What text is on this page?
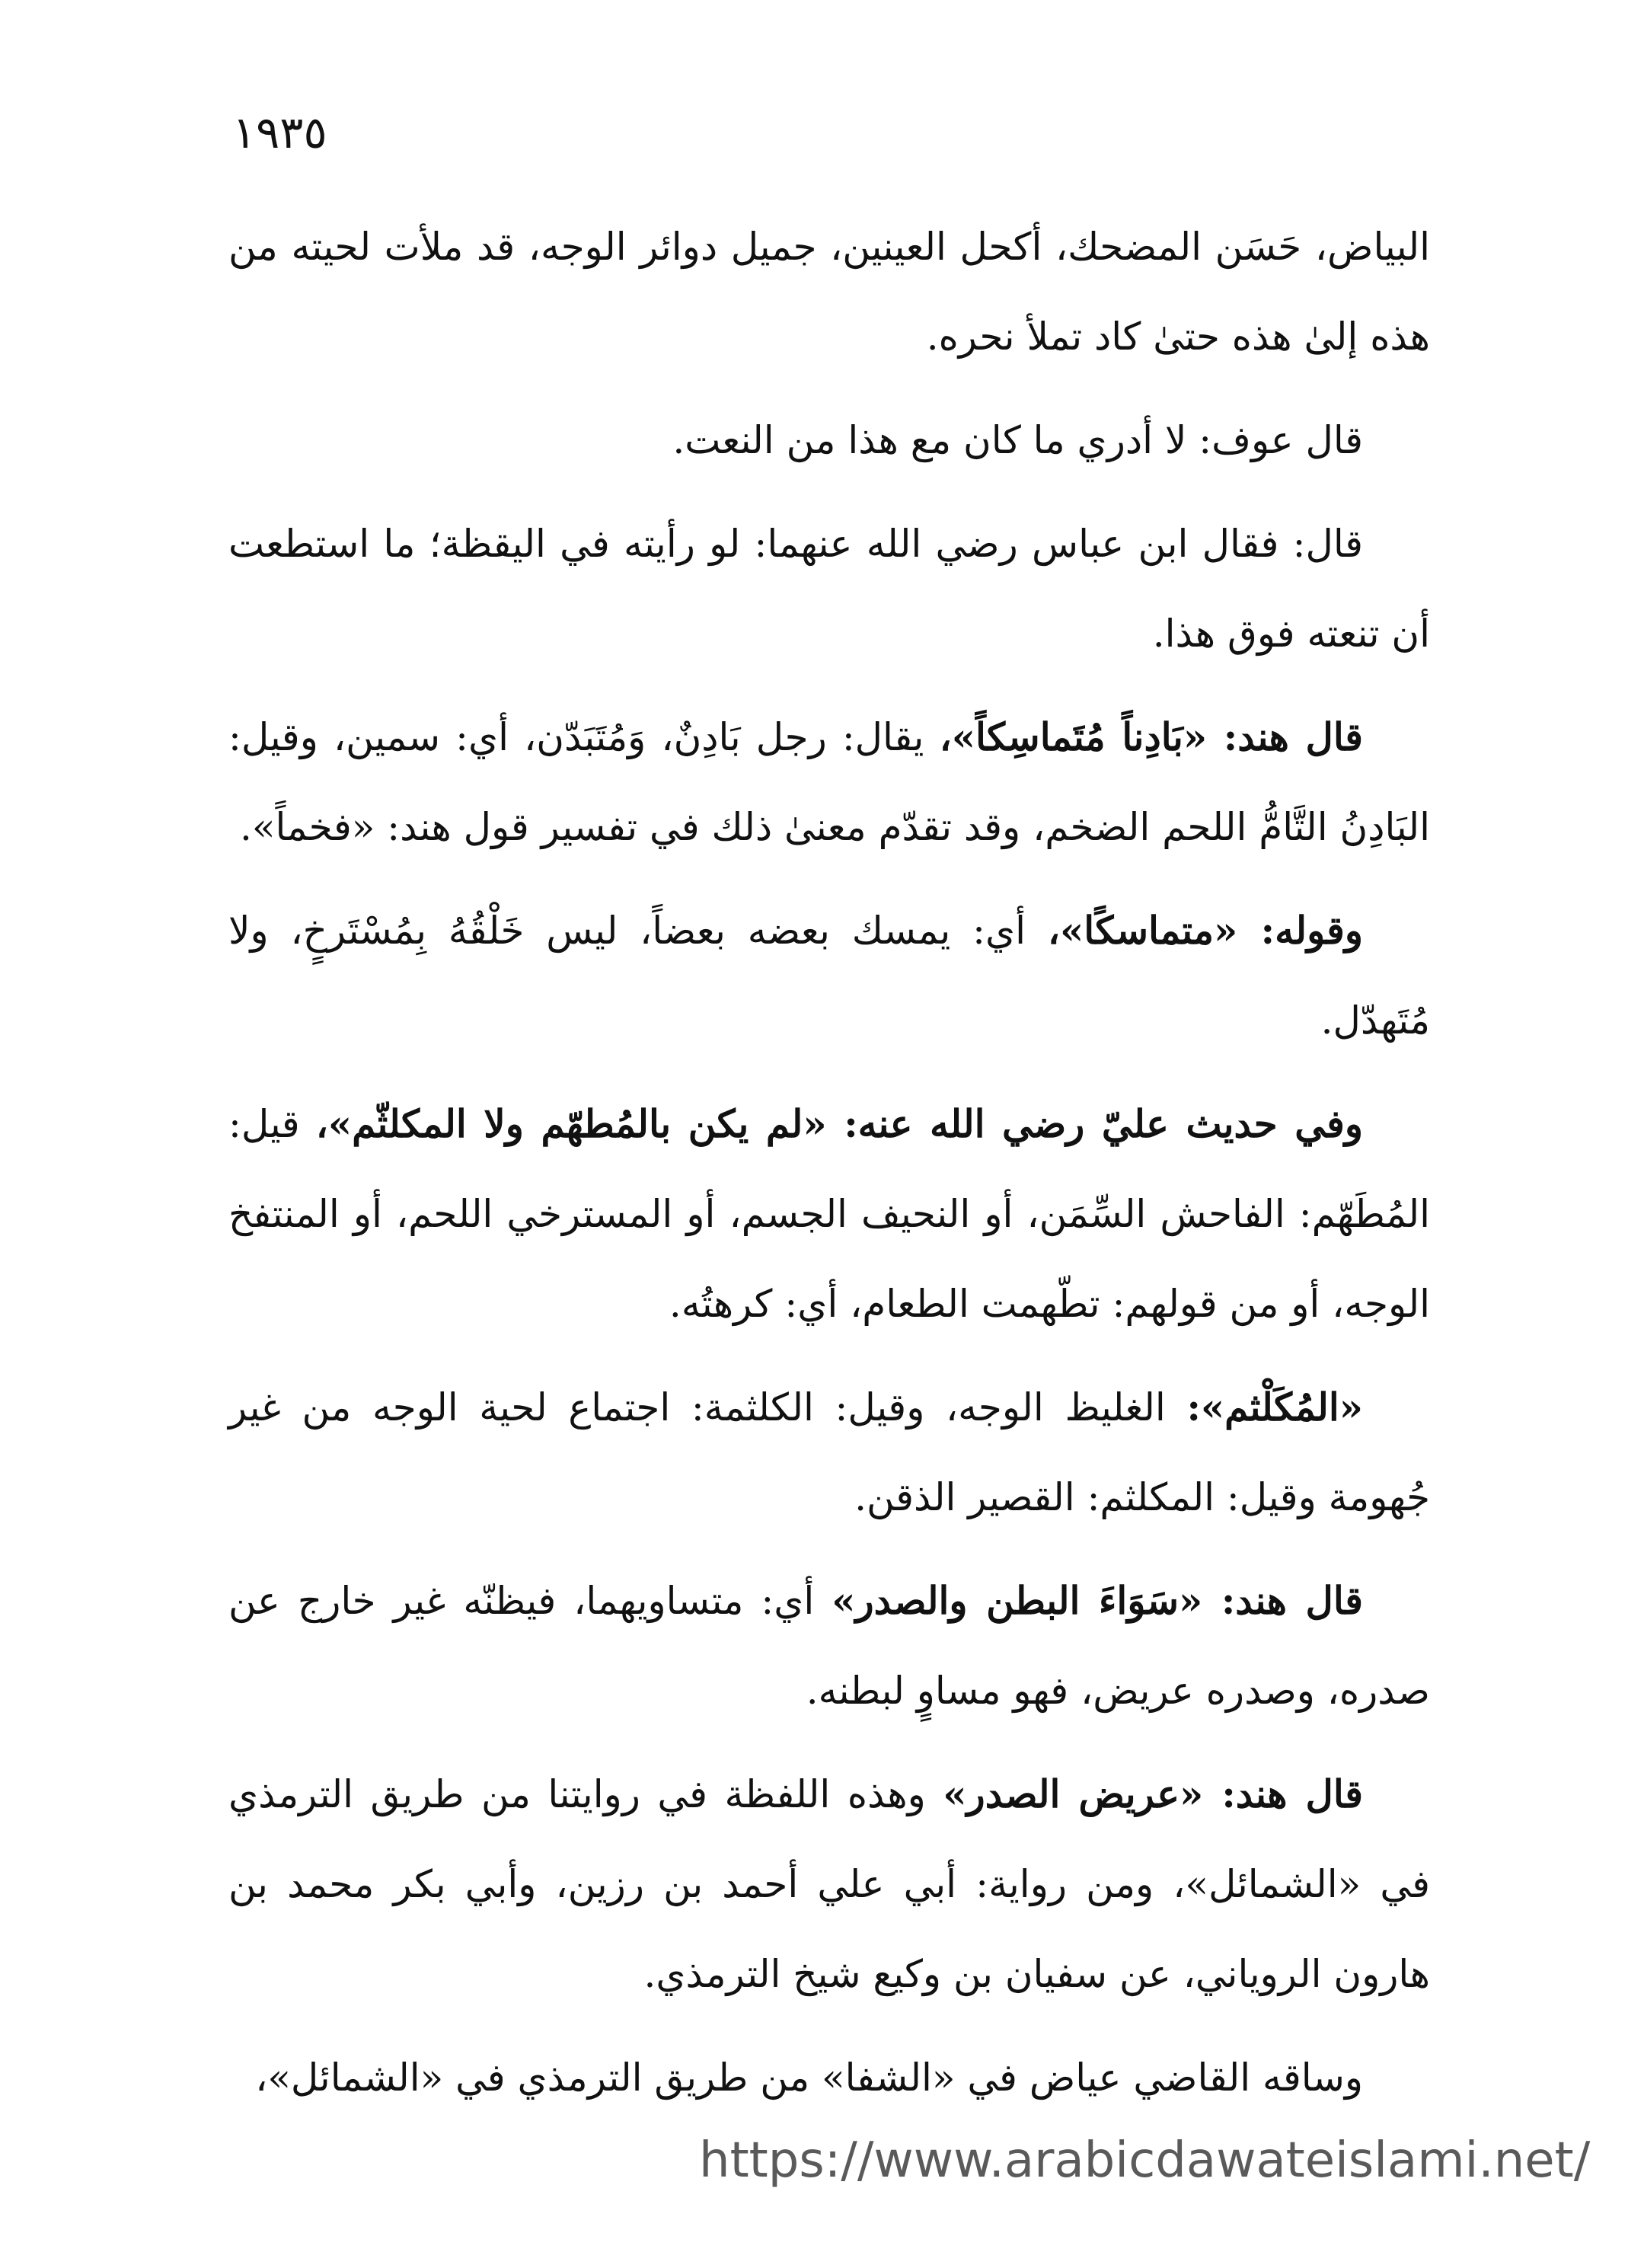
١٩٣٥

البياض، حَسَن المضحك، أكحل العينين، جميل دوائر الوجه، قد ملأت لحيته من هذه إلىٰ هذه حتىٰ كاد تملأ نحره.

قال عوف: لا أدري ما كان مع هذا من النعت.

قال: فقال ابن عباس رضي الله عنهما: لو رأيته في اليقظة؛ ما استطعت أن تنعته فوق هذا.

قال هند: «بَادِناً مُتَماسِكاً»، يقال: رجل بَادِنٌ، وَمُتَبَدّن، أي: سمين، وقيل: البَادِنُ التَّامُّ اللحم الضخم، وقد تقدّم معنىٰ ذلك في تفسير قول هند: «فخماً».

وقوله: «متماسكًا»، أي: يمسك بعضه بعضاً، ليس خَلْقُهُ بِمُسْتَرخٍ، ولا مُتَهدّل.

وفي حديث عليّ رضي الله عنه: «لم يكن بالمُطهّم ولا المكلثّم»، قيل: المُطَهّم: الفاحش السِّمَن، أو النحيف الجسم، أو المسترخي اللحم، أو المنتفخ الوجه، أو من قولهم: تطّهمت الطعام، أي: كرهتُه.

«المُكَلْثم»: الغليظ الوجه، وقيل: الكلثمة: اجتماع لحية الوجه من غير جُهومة وقيل: المكلثم: القصير الذقن.

قال هند: «سَوَاءَ البطن والصدر» أي: متساويهما، فيظنّه غير خارج عن صدره، وصدره عريض، فهو مساوٍ لبطنه.

قال هند: «عريض الصدر» وهذه اللفظة في روايتنا من طريق الترمذي في «الشمائل»، ومن رواية: أبي علي أحمد بن رزين، وأبي بكر محمد بن هارون الروياني، عن سفيان بن وكيع شيخ الترمذي.

وساقه القاضي عياض في «الشفا» من طريق الترمذي في «الشمائل»،

https://www.arabicdawateislami.net/
